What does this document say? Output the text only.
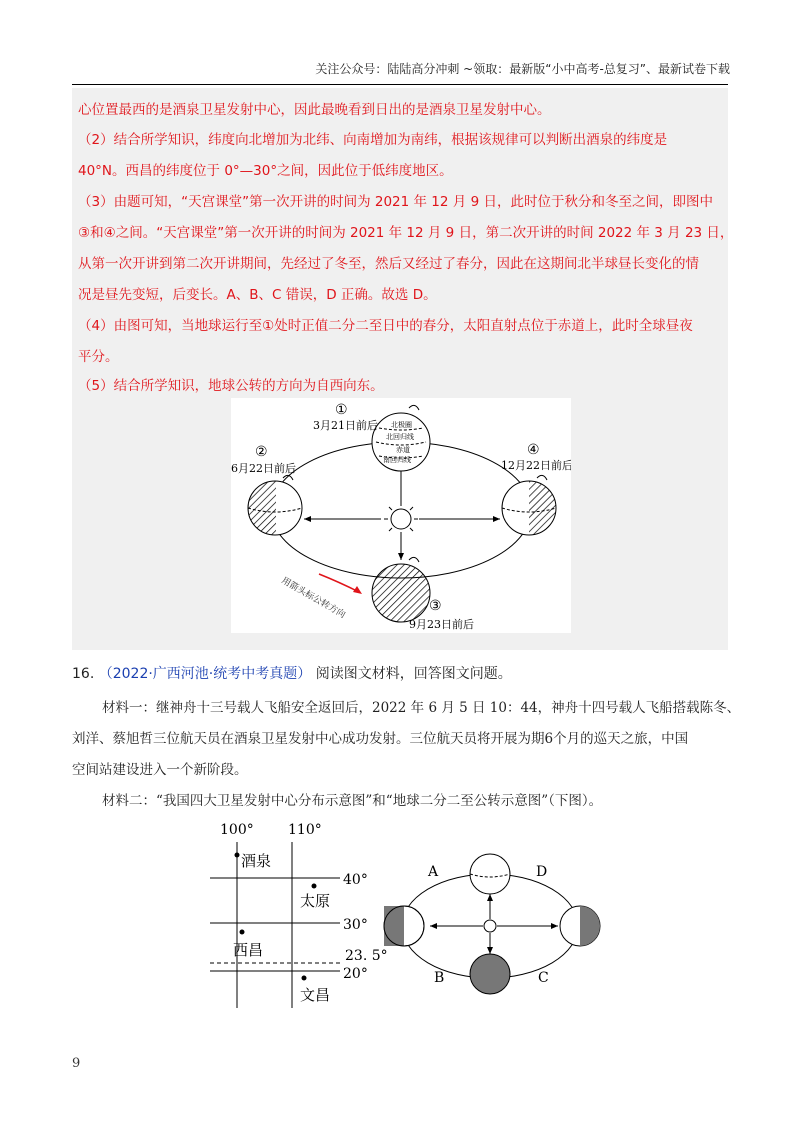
关注公众号：陆陆高分冲刺 ~领取：最新版“小中高考-总复习”、最新试卷下载
心位置最西的是酒泉卫星发射中心，因此最晚看到日出的是酒泉卫星发射中心。
（2）结合所学知识，纬度向北增加为北纬、向南增加为南纬，根据该规律可以判断出酒泉的纬度是
40°N。西昌的纬度位于 0°—30°之间，因此位于低纬度地区。
（3）由题可知，“天宫课堂”第一次开讲的时间为 2021 年 12 月 9 日，此时位于秋分和冬至之间，即图中
③和④之间。“天宫课堂”第一次开讲的时间为 2021 年 12 月 9 日，第二次开讲的时间 2022 年 3 月 23 日，
从第一次开讲到第二次开讲期间，先经过了冬至，然后又经过了春分，因此在这期间北半球昼长变化的情
况是昼先变短，后变长。A、B、C 错误，D 正确。故选 D。
（4）由图可知，当地球运行至①处时正值二分二至日中的春分，太阳直射点位于赤道上，此时全球昼夜
平分。
（5）结合所学知识，地球公转的方向为自西向东。
北极圈
北回归线
赤道
南回归线
①
3月21日前后
②
6月22日前后
③
9月23日前后
④
12月22日前后
用箭头标公转方向
16. （2022·广西河池·统考中考真题） 阅读图文材料，回答图文问题。
材料一：继神舟十三号载人飞船安全返回后，2022 年 6 月 5 日 10：44，神舟十四号载人飞船搭载陈冬、
刘洋、蔡旭哲三位航天员在酒泉卫星发射中心成功发射。三位航天员将开展为期6个月的巡天之旅，中国
空间站建设进入一个新阶段。
材料二：“我国四大卫星发射中心分布示意图”和“地球二分二至公转示意图”（下图）。
100° 110°
40°
30°
23. 5°
20°
酒泉
太原
西昌
文昌
A
B	C
D
9
